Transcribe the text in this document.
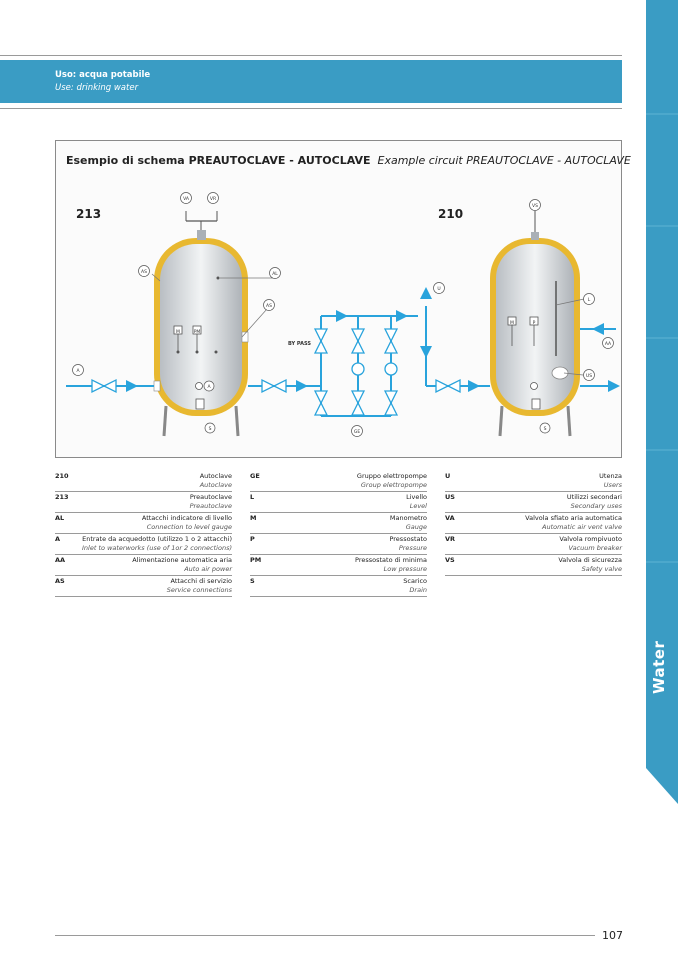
Uso: acqua potabile
Use: drinking water
Water
Esempio di schema PREAUTOCLAVE - AUTOCLAVE Example circuit PREAUTOCLAVE - AUTOCLAVE
213	210
BY PASS
VA	VR
AS	AL
AS
M	PM
A
A
S
GE
U
VS
L
AA
US
M	P
S
210	Autoclave
Autoclave
213	Preautoclave
Preautoclave
AL	Attacchi indicatore di livello
Connection to level gauge
A	Entrate da acquedotto (utilizzo 1 o 2 attacchi)
Inlet to waterworks (use of 1or 2 connections)
AA	Alimentazione automatica aria
Auto air power
AS	Attacchi di servizio
Service connections
GE	Gruppo elettropompe
Group elettropompe
L	Livello
Level
M	Manometro
Gauge
P	Pressostato
Pressure
PM	Pressostato di minima
Low pressure
S	Scarico
Drain
U	Utenza
Users
US	Utilizzi secondari
Secondary uses
VA	Valvola sfiato aria automatica
Automatic air vent valve
VR	Valvola rompivuoto
Vacuum breaker
VS	Valvola di sicurezza
Safety valve
107
